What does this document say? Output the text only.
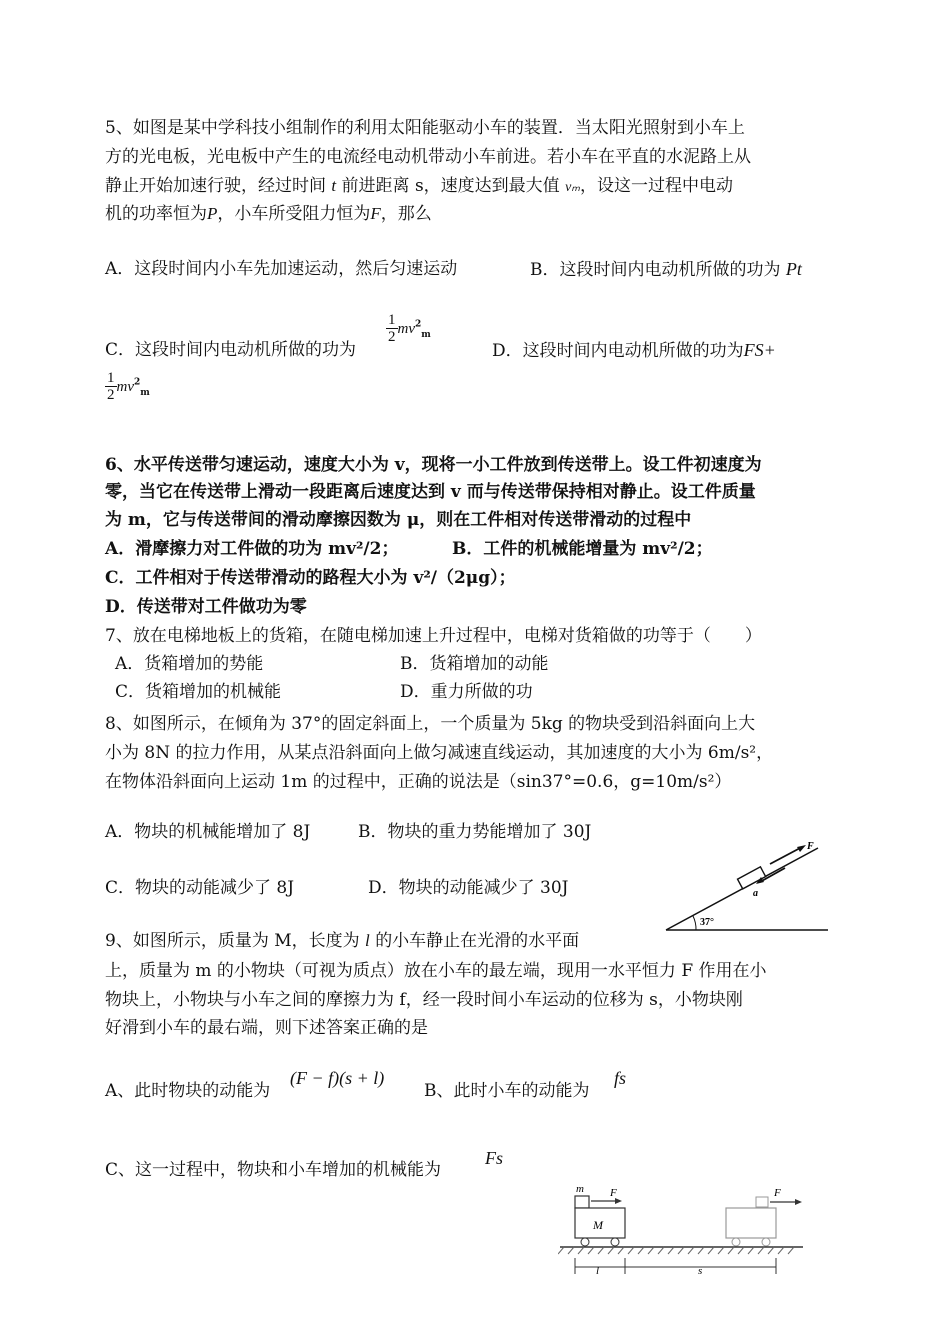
5、如图是某中学科技小组制作的利用太阳能驱动小车的装置．当太阳光照射到小车上
方的光电板，光电板中产生的电流经电动机带动小车前进。若小车在平直的水泥路上从
静止开始加速行驶，经过时间 t 前进距离 s，速度达到最大值 vₘ，设这一过程中电动
机的功率恒为P，小车所受阻力恒为F，那么
A．这段时间内小车先加速运动，然后匀速运动	B．这段时间内电动机所做的功为 Pt
C．这段时间内电动机所做的功为
$\frac{1}{2} mv^2_m$
D．这段时间内电动机所做的功为FS+
$\frac{1}{2} mv^2_m$
6、水平传送带匀速运动，速度大小为 v，现将一小工件放到传送带上。设工件初速度为
零，当它在传送带上滑动一段距离后速度达到 v 而与传送带保持相对静止。设工件质量
为 m，它与传送带间的滑动摩擦因数为 μ，则在工件相对传送带滑动的过程中
A．滑摩擦力对工件做的功为 mv²/2；	B．工件的机械能增量为 mv²/2；
C．工件相对于传送带滑动的路程大小为 v²/（2μg）；
D．传送带对工件做功为零
7、放在电梯地板上的货箱，在随电梯加速上升过程中，电梯对货箱做的功等于（　　）
A．货箱增加的势能	B．货箱增加的动能
C．货箱增加的机械能	D．重力所做的功
8、如图所示，在倾角为 37°的固定斜面上，一个质量为 5kg 的物块受到沿斜面向上大
小为 8N 的拉力作用，从某点沿斜面向上做匀减速直线运动，其加速度的大小为 6m/s²，
在物体沿斜面向上运动 1m 的过程中，正确的说法是（sin37°=0.6，g=10m/s²）
A．物块的机械能增加了 8J	B．物块的重力势能增加了 30J
C．物块的动能减少了 8J	D．物块的动能减少了 30J
37°
F
a
9、如图所示，质量为 M，长度为 l 的小车静止在光滑的水平面
上，质量为 m 的小物块（可视为质点）放在小车的最左端，现用一水平恒力 F 作用在小
物块上，小物块与小车之间的摩擦力为 f，经一段时间小车运动的位移为 s，小物块刚
好滑到小车的最右端，则下述答案正确的是
A、此时物块的动能为
(F − f)(s + l)
B、此时小车的动能为
fs
C、这一过程中，物块和小车增加的机械能为
Fs
m F
M
F
l	s
